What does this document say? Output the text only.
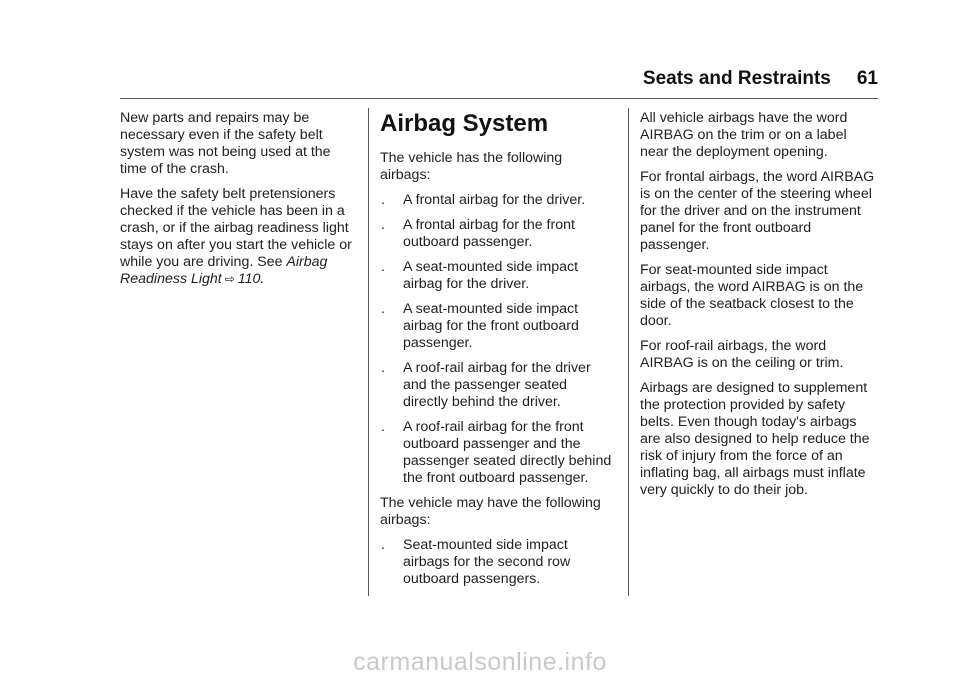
Seats and Restraints 61

New parts and repairs may be necessary even if the safety belt system was not being used at the time of the crash.

Have the safety belt pretensioners checked if the vehicle has been in a crash, or if the airbag readiness light stays on after you start the vehicle or while you are driving. See Airbag Readiness Light ⇨ 110.

Airbag System

The vehicle has the following airbags:

.	A frontal airbag for the driver.
.	A frontal airbag for the front outboard passenger.
.	A seat-mounted side impact airbag for the driver.
.	A seat-mounted side impact airbag for the front outboard passenger.
.	A roof-rail airbag for the driver and the passenger seated directly behind the driver.
.	A roof-rail airbag for the front outboard passenger and the passenger seated directly behind the front outboard passenger.

The vehicle may have the following airbags:

.	Seat-mounted side impact airbags for the second row outboard passengers.

All vehicle airbags have the word AIRBAG on the trim or on a label near the deployment opening.

For frontal airbags, the word AIRBAG is on the center of the steering wheel for the driver and on the instrument panel for the front outboard passenger.

For seat-mounted side impact airbags, the word AIRBAG is on the side of the seatback closest to the door.

For roof-rail airbags, the word AIRBAG is on the ceiling or trim.

Airbags are designed to supplement the protection provided by safety belts. Even though today's airbags are also designed to help reduce the risk of injury from the force of an inflating bag, all airbags must inflate very quickly to do their job.

carmanualsonline.info
